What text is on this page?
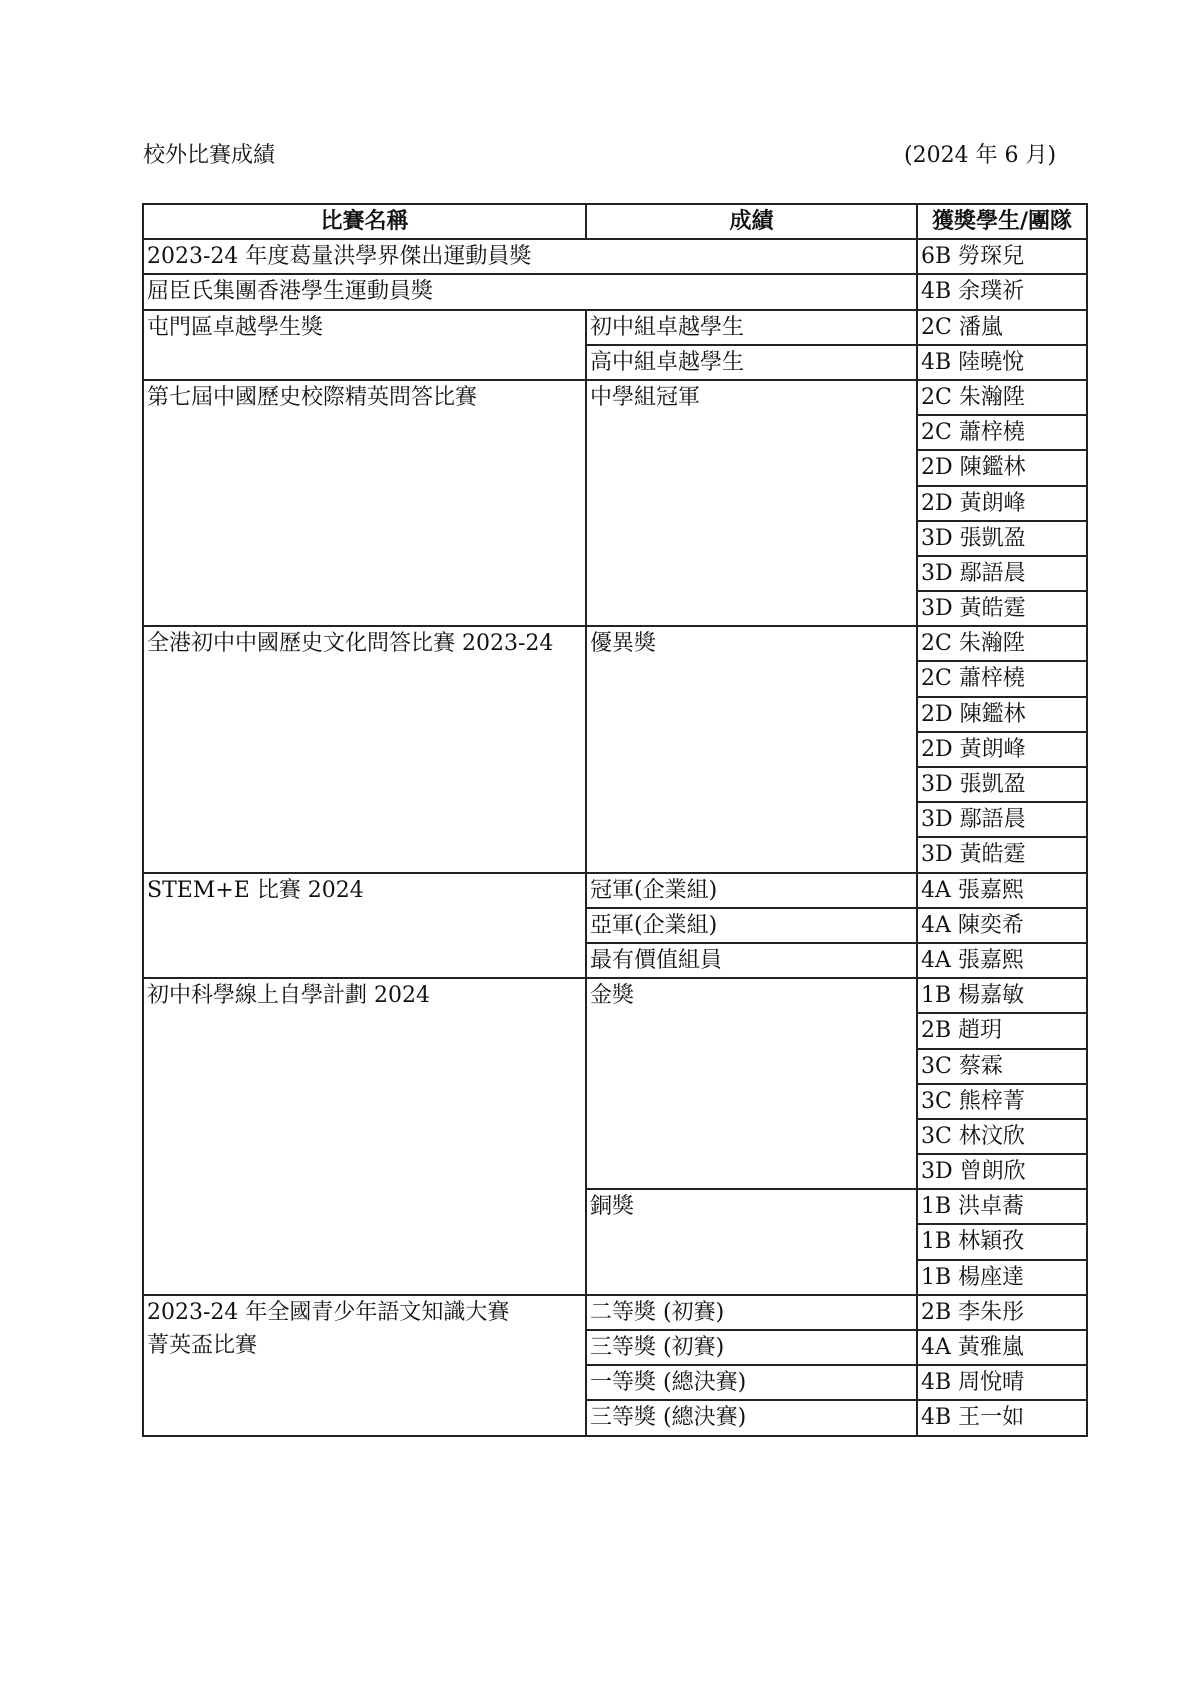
校外比賽成績	(2024 年 6 月)
比賽名稱	成績	獲獎學生/團隊

2023-24 年度葛量洪學界傑出運動員獎		6B 勞琛兒

屈臣氏集團香港學生運動員獎		4B 余璞祈

屯門區卓越學生獎	初中組卓越學生	2C 潘嵐
	高中組卓越學生	4B 陸曉悅

第七屆中國歷史校際精英問答比賽	中學組冠軍	2C 朱瀚陞
		2C 蕭梓橈
		2D 陳鑑林
		2D 黃朗峰
		3D 張凱盈
		3D 鄢語晨
		3D 黃皓霆

全港初中中國歷史文化問答比賽 2023-24	優異獎	2C 朱瀚陞
		2C 蕭梓橈
		2D 陳鑑林
		2D 黃朗峰
		3D 張凱盈
		3D 鄢語晨
		3D 黃皓霆

STEM+E 比賽 2024	冠軍(企業組)	4A 張嘉熙
	亞軍(企業組)	4A 陳奕希
	最有價值組員	4A 張嘉熙

初中科學線上自學計劃 2024	金獎	1B 楊嘉敏
		2B 趙玥
		3C 蔡霖
		3C 熊梓菁
		3C 林汶欣
		3D 曾朗欣
	銅獎	1B 洪卓蕎
		1B 林穎孜
		1B 楊座達

2023-24 年全國青少年語文知識大賽
菁英盃比賽	二等獎 (初賽)	2B 李朱彤
	三等獎 (初賽)	4A 黃雅嵐
	一等獎 (總決賽)	4B 周悅晴
	三等獎 (總決賽)	4B 王一如
